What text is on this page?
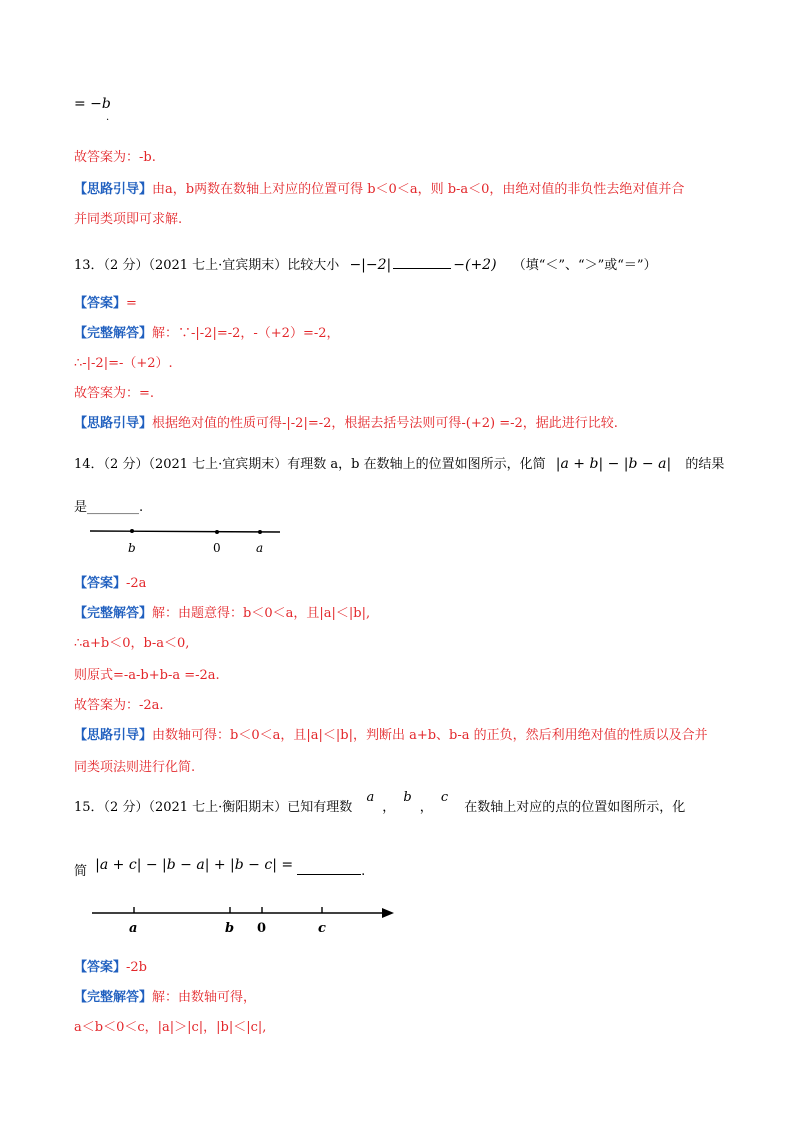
= −b
.
故答案为：-b.
【思路引导】由a，b两数在数轴上对应的位置可得 b＜0＜a，则 b-a＜0，由绝对值的非负性去绝对值并合
并同类项即可求解.
13．（2 分）（2021 七上·宜宾期末）比较大小 −|−2|	−(+2) （填“＜”、“＞”或“＝”）
【答案】=
【完整解答】解：∵-|-2|=-2，-（+2）=-2，
∴-|-2|=-（+2）.
故答案为：=.
【思路引导】根据绝对值的性质可得-|-2|=-2，根据去括号法则可得-(+2) =-2，据此进行比较.
14．（2 分）（2021 七上·宜宾期末）有理数 a，b 在数轴上的位置如图所示，化简 |a + b| − |b − a| 的结果
是________.
b	0	a
【答案】-2a
【完整解答】解：由题意得：b＜0＜a，且|a|＜|b|,
∴a+b＜0，b-a＜0,
则原式=-a-b+b-a =-2a.
故答案为：-2a.
【思路引导】由数轴可得：b＜0＜a，且|a|＜|b|，判断出 a+b、b-a 的正负，然后利用绝对值的性质以及合并
同类项法则进行化简.
15．（2 分）（2021 七上·衡阳期末）已知有理数 a， b， c 在数轴上对应的点的位置如图所示，化
简 |a + c| − |b − a| + |b − c| =	.
a	b 0	c
【答案】-2b
【完整解答】解：由数轴可得，
a＜b＜0＜c，|a|＞|c|，|b|＜|c|,
